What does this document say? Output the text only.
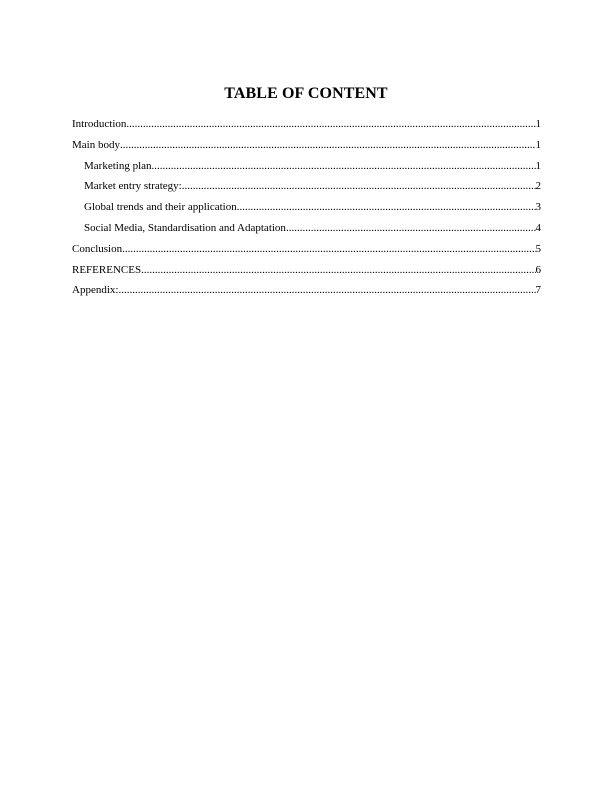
TABLE OF CONTENT
Introduction .....	1
Main body .....	1
Marketing plan .....	1
Market entry strategy: .....	2
Global trends and their application .....	3
Social Media, Standardisation and Adaptation .....	4
Conclusion .....	5
REFERENCES .....	6
Appendix: .....	7
